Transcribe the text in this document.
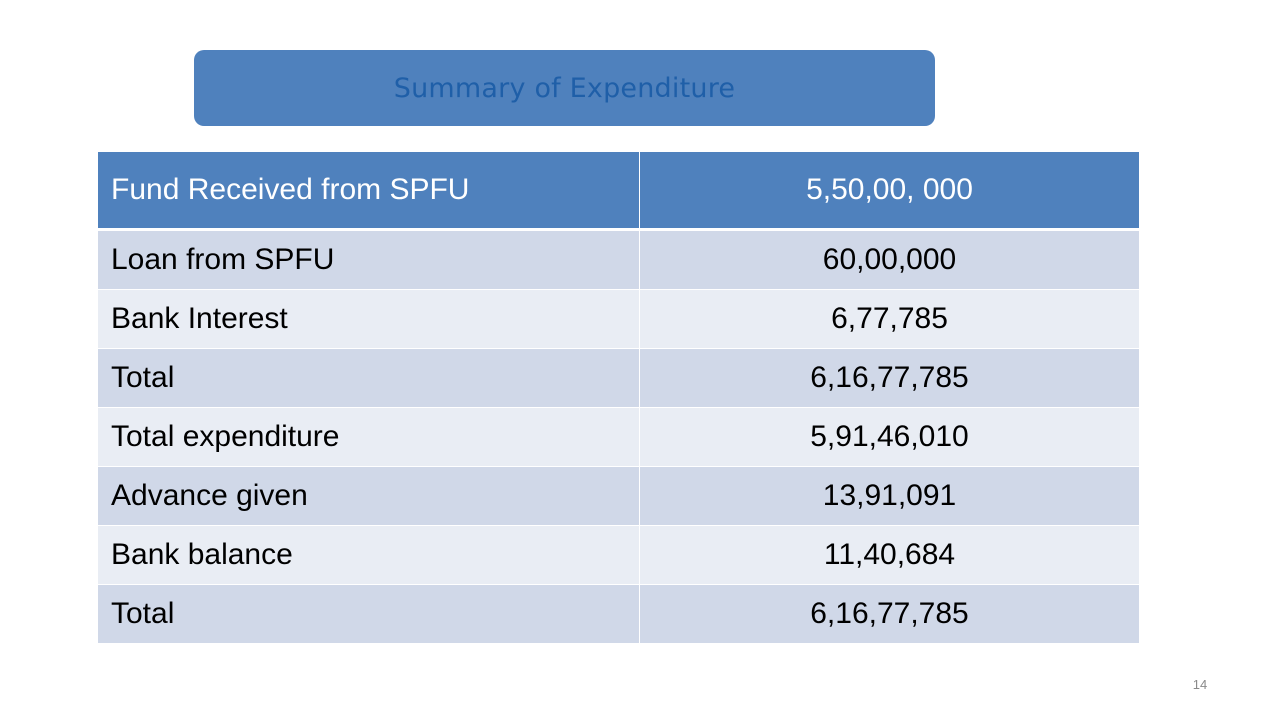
Summary of Expenditure
Fund Received from SPFU	5,50,00, 000
Loan from SPFU	60,00,000
Bank Interest	6,77,785
Total	6,16,77,785
Total expenditure	5,91,46,010
Advance given	13,91,091
Bank balance	11,40,684
Total	6,16,77,785
14
